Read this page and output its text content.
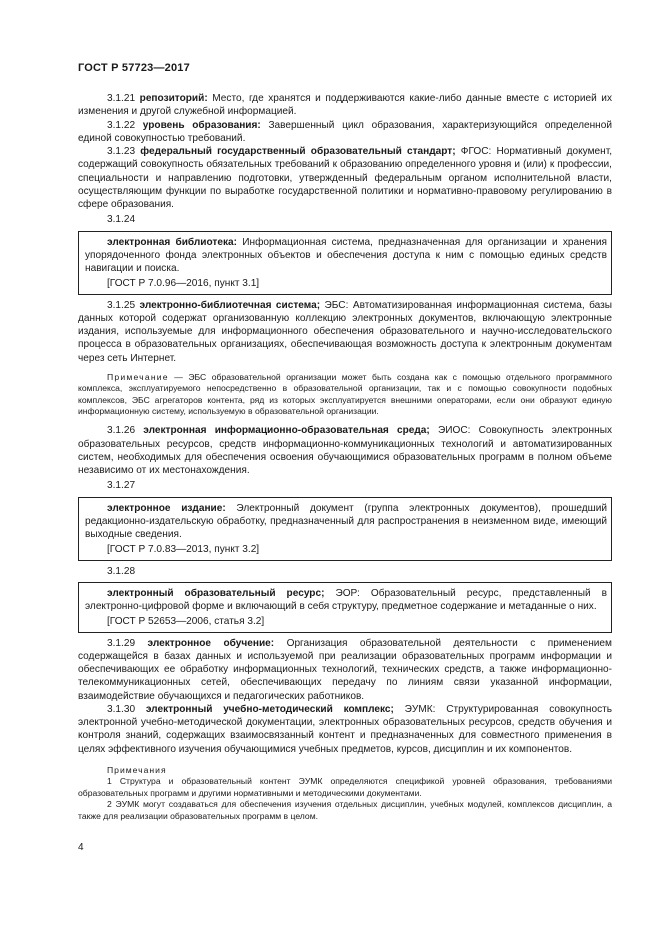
ГОСТ Р 57723—2017

3.1.21 репозиторий: Место, где хранятся и поддерживаются какие-либо данные вместе с историей их изменения и другой служебной информацией.

3.1.22 уровень образования: Завершенный цикл образования, характеризующийся определенной единой совокупностью требований.

3.1.23 федеральный государственный образовательный стандарт; ФГОС: Нормативный документ, содержащий совокупность обязательных требований к образованию определенного уровня и (или) к профессии, специальности и направлению подготовки, утвержденный федеральным органом исполнительной власти, осуществляющим функции по выработке государственной политики и нормативно-правовому регулированию в сфере образования.

3.1.24

электронная библиотека: Информационная система, предназначенная для организации и хранения упорядоченного фонда электронных объектов и обеспечения доступа к ним с помощью единых средств навигации и поиска.

[ГОСТ Р 7.0.96—2016, пункт 3.1]

3.1.25 электронно-библиотечная система; ЭБС: Автоматизированная информационная система, базы данных которой содержат организованную коллекцию электронных документов, включающую электронные издания, используемые для информационного обеспечения образовательного и научно-исследовательского процесса в образовательных организациях, обеспечивающая возможность доступа к электронным документам через сеть Интернет.

Примечание — ЭБС образовательной организации может быть создана как с помощью отдельного программного комплекса, эксплуатируемого непосредственно в образовательной организации, так и с помощью совокупности подобных комплексов, ЭБС агрегаторов контента, ряд из которых эксплуатируется внешними операторами, если они образуют единую информационную систему, используемую в образовательной организации.

3.1.26 электронная информационно-образовательная среда; ЭИОС: Совокупность электронных образовательных ресурсов, средств информационно-коммуникационных технологий и автоматизированных систем, необходимых для обеспечения освоения обучающимися образовательных программ в полном объеме независимо от их местонахождения.

3.1.27

электронное издание: Электронный документ (группа электронных документов), прошедший редакционно-издательскую обработку, предназначенный для распространения в неизменном виде, имеющий выходные сведения.

[ГОСТ Р 7.0.83—2013, пункт 3.2]

3.1.28

электронный образовательный ресурс; ЭОР: Образовательный ресурс, представленный в электронно-цифровой форме и включающий в себя структуру, предметное содержание и метаданные о них.

[ГОСТ Р 52653—2006, статья 3.2]

3.1.29 электронное обучение: Организация образовательной деятельности с применением содержащейся в базах данных и используемой при реализации образовательных программ информации и обеспечивающих ее обработку информационных технологий, технических средств, а также информационно-телекоммуникационных сетей, обеспечивающих передачу по линиям связи указанной информации, взаимодействие обучающихся и педагогических работников.

3.1.30 электронный учебно-методический комплекс; ЭУМК: Структурированная совокупность электронной учебно-методической документации, электронных образовательных ресурсов, средств обучения и контроля знаний, содержащих взаимосвязанный контент и предназначенных для совместного применения в целях эффективного изучения обучающимися учебных предметов, курсов, дисциплин и их компонентов.

Примечания

1 Структура и образовательный контент ЭУМК определяются спецификой уровней образования, требованиями образовательных программ и другими нормативными и методическими документами.

2 ЭУМК могут создаваться для обеспечения изучения отдельных дисциплин, учебных модулей, комплексов дисциплин, а также для реализации образовательных программ в целом.

4
